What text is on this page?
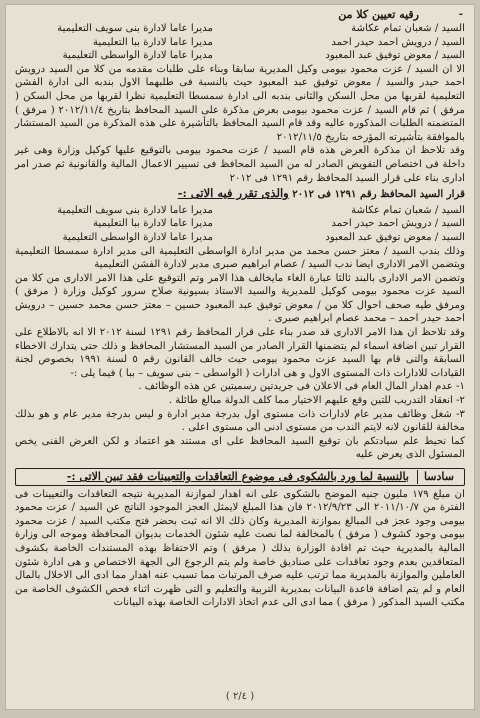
-
رقيه تعيين كلا من
السيد / شعبان تمام عكاشة
مديرا عاما لادارة بنى سويف التعليمية
السيد / درويش احمد حيدر احمد
مديرا عاما لادارة ببا التعليمية
السيد / معوض توفيق عبد المعبود
مديرا عاما لادارة الواسطى التعليمية

الا ان السيد / عزت محمود بيومى وكيل المديرية سابقا وبناء على طلبات مقدمه من كلا من السيد درويش احمد حيدر والسيد / معوض توفيق عبد المعبود حيث بالنسبة فى طلبهما الاول بندبه الى ادارة الفشن التعليمية لقربها من محل السكن والثانى بندبه الى ادارة سمسطا التعليمية نظرا لقربها من محل السكن ( مرفق ) ثم قام السيد / عزت محمود بيومى بعرض مذكرة على السيد المحافظ بتاريخ ٢٠١٢/١١/٤ ( مرفق ) المتضمنه الطلبات المذكوره عاليه وقد قام السيد المحافظ بالتأشيرة على هذه المذكرة من السيد المستشار بالموافقة بتأشيرته المؤرخه بتاريخ ٢٠١٢/١١/٥

وقد تلاحظ ان مذكرة العرض هذه قام السيد / عزت محمود بيومى بالتوقيع عليها كوكيل وزارة وهى غير داخلة فى اختصاص التفويض الصادر له من السيد المحافظ فى تسيير الاعمال المالية والقانونية ثم صدر امر ادارى بناء على قرار السيد المحافظ رقم ١٢٩١ فى ٢٠١٢

قرار السيد المحافظ رقم ١٢٩١ فى ٢٠١٢ والذى تقرر فيه الاتى :-
السيد / شعبان تمام عكاشة
مديرا عاما لادارة بنى سويف التعليمية
السيد / درويش احمد حيدر احمد
مديرا عاما لادارة ببا التعليمية
السيد / معوض توفيق عبد المعبود
مديرا عاما لادارة الواسطى التعليمية

وذلك بندب السيد / معتز حسن محمد من مدير ادارة الواسطى التعليمية الى مدير ادارة سمسطا التعليمية ويتضمن الامر الادارى ايضا ندب السيد / عصام ابراهيم صبرى مدير لادارة الفشن التعليمية

وتضمن الامر الادارى بالبند ثالثا عبارة الغاء مايخالف هذا الامر وتم التوقيع على هذا الامر الادارى من كلا من السيد عزت محمود بيومى كوكيل للمديرية والسيد الاستاذ بسيونية صلاح سرور كوكيل وزارة ( مرفق ) ومرفق طيه صحف احوال كلا من / معوض توفيق عبد المعبود حسين – معتز حسن محمد حسين – درويش احمد حيدر احمد – محمد عصام ابراهيم صبرى .

وقد تلاحظ ان هذا الامر الادارى قد صدر بناء على قرار المحافظ رقم ١٢٩١ لسنة ٢٠١٢ الا انه بالاطلاع على القرار تبين اضافة اسماء لم يتضمنها القرار الصادر من السيد المستشار المحافظ و ذلك حتى يتدارك الاخطاء السابقة والتى قام بها السيد عزت محمود بيومى حيث خالف القانون رقم ٥ لسنة ١٩٩١ بخصوص لجنة القيادات للادارات ذات المستوى الاول و هى ادارات ( الواسطى – بنى سويف – ببا ) فيما يلى :-

١- عدم اهدار المال العام فى الاعلان فى جريدتين رسميتين عن هذه الوظائف .

٢- انعقاد التدريب للتين وقع عليهم الاختيار مما كلف الدولة مبالغ طائلة .

٣- شغل وظائف مدير عام لادارات ذات مستوى اول بدرجة مدير ادارة و ليس بدرجة مدير عام و هو بذلك مخالفة للقانون لانه لايتم الندب من مستوى ادنى الى مستوى اعلى .

كما نحيط علم سيادتكم بان توقيع السيد المحافظ على اى مستند هو اعتماد و لكن العرض الفنى يخص المسئول الذى يعرض عليه

سادسا
بالنسبة لما ورد بالشكوى فى موضوع التعاقدات والتعيينات فقد تبين الاتى :-

ان مبلغ ١٧٩ مليون جنيه الموضح بالشكوى على انه اهدار لموازنة المديرية نتيجه التعاقدات والتعيينات فى الفترة من ٢٠١١/١٠/٧ الى ٢٠١٢/٩/٢٣ فان هذا المبلغ لايمثل العجز الموجود الناتج عن السيد / عزت محمود بيومى وجود عجز فى المبالغ بموازنة المديرية وكان ذلك الا انه ثبت بحضر فتح مكتب السيد / عزت محمود بيومى وجود كشوف ( مرفق ) بالمخالفة لما نصت عليه شئون الخدمات بديوان المحافظة وموجه الى وزارة المالية بالمديرية حيث تم افادة الوزارة بذلك ( مرفق ) وتم الاحتفاظ بهذه المستندات الخاصة بكشوف المتعاقدين بعدم وجود تعاقدات على صناديق خاصة ولم يتم الرجوع الى الجهة الاختصاص و هى ادارة شئون العاملين والموازنة بالمديرية مما ترتب عليه صرف المرتبات مما تسبب عنه اهدار مما ادى الى الاخلال بالمال العام و لم يتم اضافة قاعدة البيانات بمديرية التربية والتعليم و التى ظهرت اثناء فحص الكشوف الخاصة من مكتب السيد المذكور ( مرفق ) مما ادى الى عدم اتخاذ الادارات الخاصة بهذه البيانات

( ٢/٤ )
